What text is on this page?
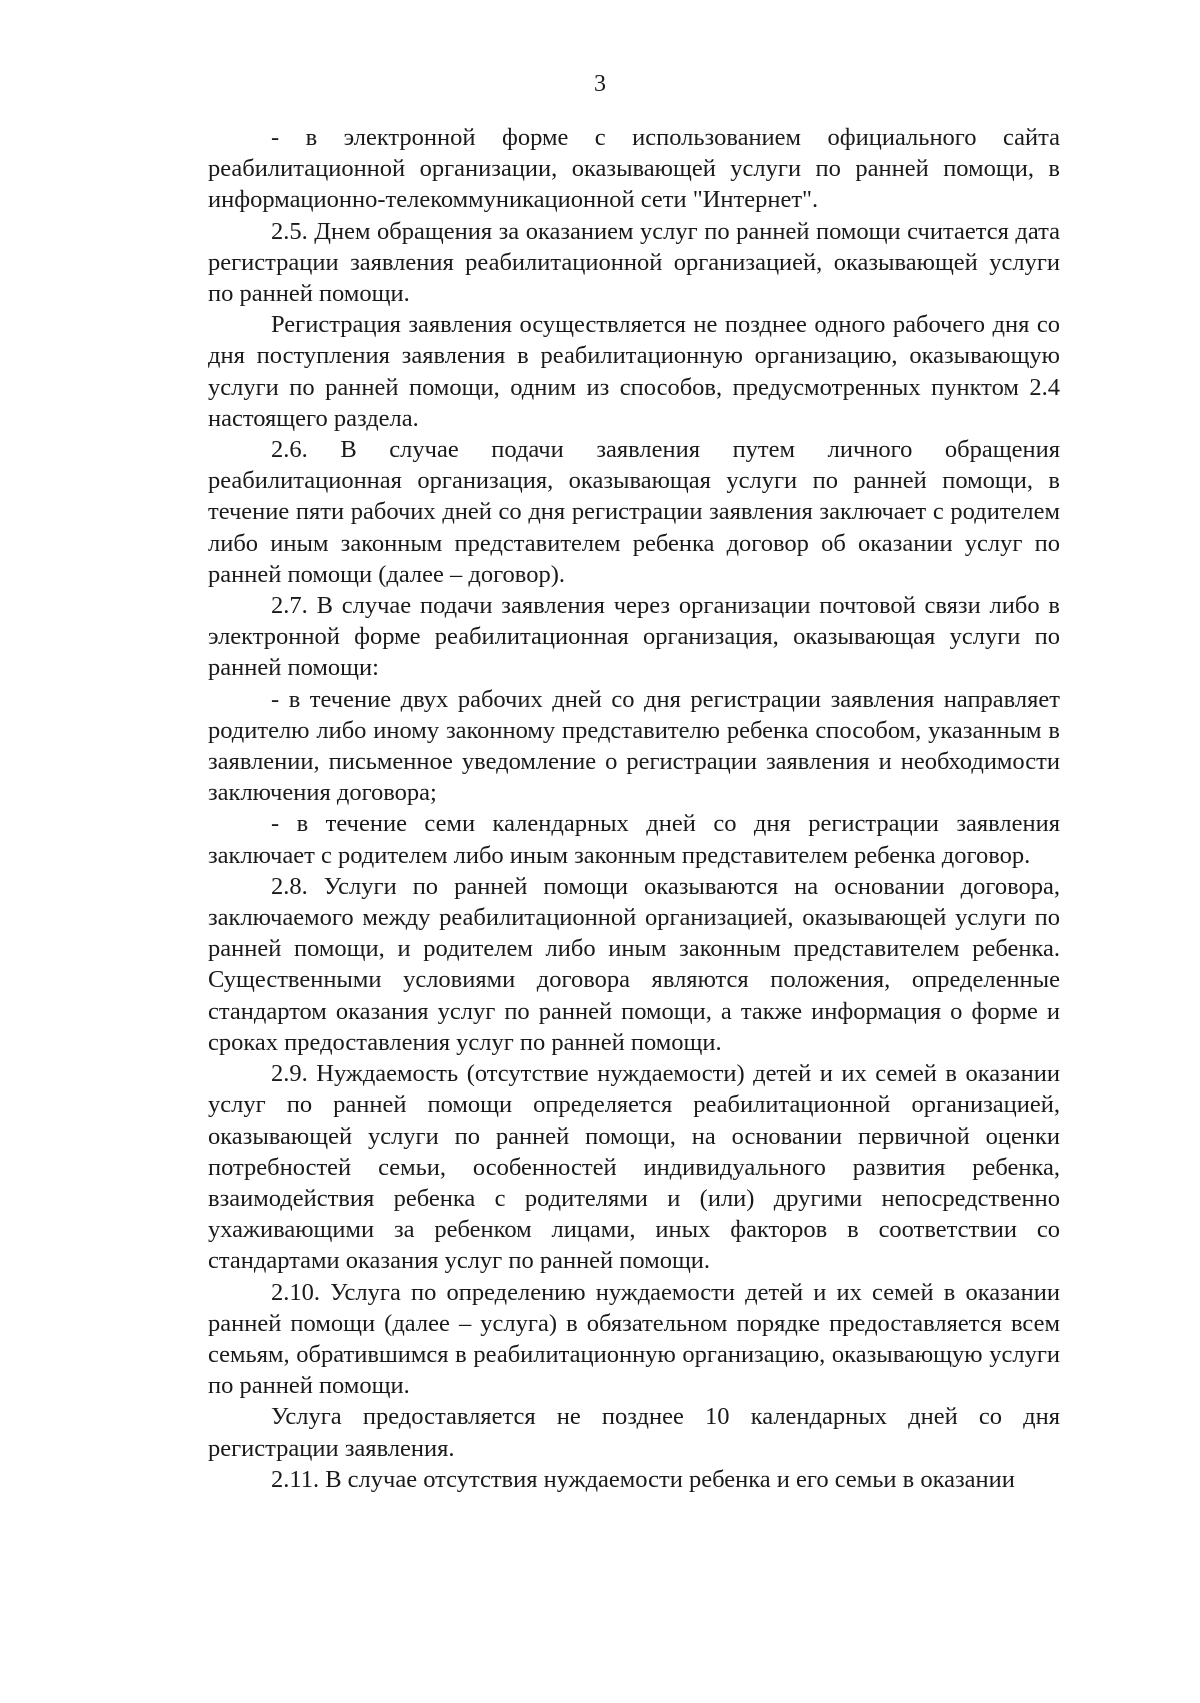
3

- в электронной форме с использованием официального сайта реабилитационной организации, оказывающей услуги по ранней помощи, в информационно-телекоммуникационной сети "Интернет".

2.5. Днем обращения за оказанием услуг по ранней помощи считается дата регистрации заявления реабилитационной организацией, оказывающей услуги по ранней помощи.

Регистрация заявления осуществляется не позднее одного рабочего дня со дня поступления заявления в реабилитационную организацию, оказывающую услуги по ранней помощи, одним из способов, предусмотренных пунктом 2.4 настоящего раздела.

2.6. В случае подачи заявления путем личного обращения реабилитационная организация, оказывающая услуги по ранней помощи, в течение пяти рабочих дней со дня регистрации заявления заключает с родителем либо иным законным представителем ребенка договор об оказании услуг по ранней помощи (далее – договор).

2.7. В случае подачи заявления через организации почтовой связи либо в электронной форме реабилитационная организация, оказывающая услуги по ранней помощи:

- в течение двух рабочих дней со дня регистрации заявления направляет родителю либо иному законному представителю ребенка способом, указанным в заявлении, письменное уведомление о регистрации заявления и необходимости заключения договора;

- в течение семи календарных дней со дня регистрации заявления заключает с родителем либо иным законным представителем ребенка договор.

2.8. Услуги по ранней помощи оказываются на основании договора, заключаемого между реабилитационной организацией, оказывающей услуги по ранней помощи, и родителем либо иным законным представителем ребенка. Существенными условиями договора являются положения, определенные стандартом оказания услуг по ранней помощи, а также информация о форме и сроках предоставления услуг по ранней помощи.

2.9. Нуждаемость (отсутствие нуждаемости) детей и их семей в оказании услуг по ранней помощи определяется реабилитационной организацией, оказывающей услуги по ранней помощи, на основании первичной оценки потребностей семьи, особенностей индивидуального развития ребенка, взаимодействия ребенка с родителями и (или) другими непосредственно ухаживающими за ребенком лицами, иных факторов в соответствии со стандартами оказания услуг по ранней помощи.

2.10. Услуга по определению нуждаемости детей и их семей в оказании ранней помощи (далее – услуга) в обязательном порядке предоставляется всем семьям, обратившимся в реабилитационную организацию, оказывающую услуги по ранней помощи.

Услуга предоставляется не позднее 10 календарных дней со дня регистрации заявления.

2.11. В случае отсутствия нуждаемости ребенка и его семьи в оказании
